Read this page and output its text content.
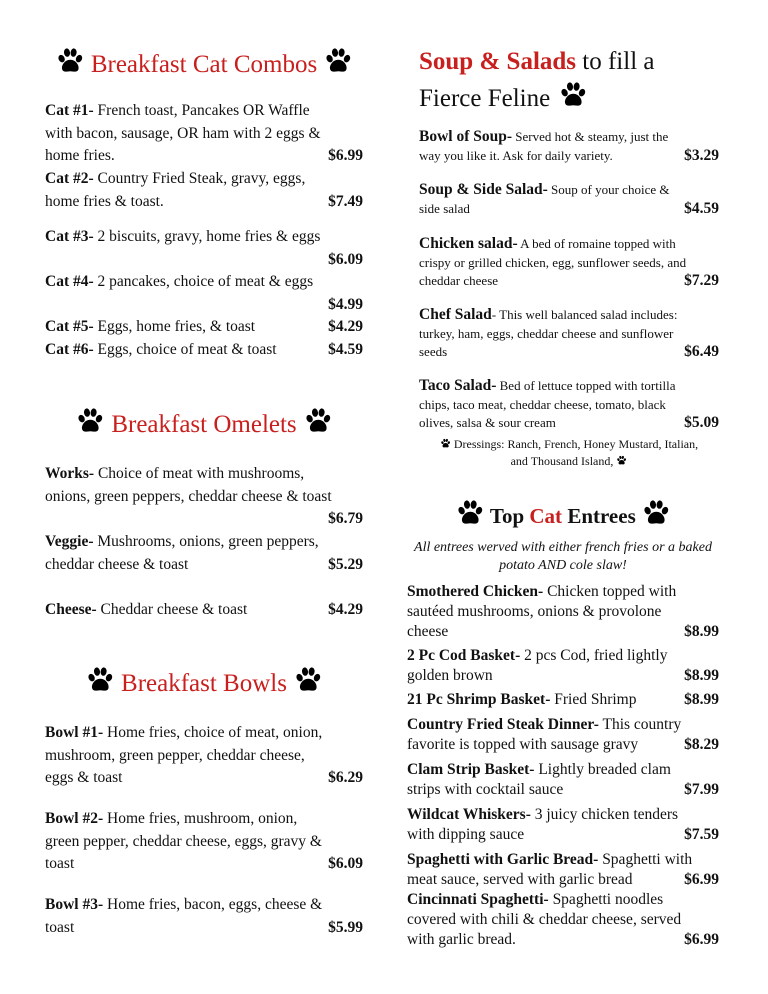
Breakfast Cat Combos
Cat #1- French toast, Pancakes OR Waffle
with bacon, sausage, OR ham with 2 eggs &
home fries.	$6.99
Cat #2- Country Fried Steak, gravy, eggs,
home fries & toast.	$7.49
Cat #3- 2 biscuits, gravy, home fries & eggs
$6.09

Cat #4- 2 pancakes, choice of meat & eggs
$4.99

Cat #5- Eggs, home fries, & toast	$4.29
Cat #6- Eggs, choice of meat & toast	$4.59
Breakfast Omelets
Works- Choice of meat with mushrooms,
onions, green peppers, cheddar cheese & toast
$6.79

Veggie- Mushrooms, onions, green peppers,
cheddar cheese & toast	$5.29
Cheese- Cheddar cheese & toast	$4.29
Breakfast Bowls
Bowl #1- Home fries, choice of meat, onion,
mushroom, green pepper, cheddar cheese,
eggs & toast	$6.29
Bowl #2- Home fries, mushroom, onion,
green pepper, cheddar cheese, eggs, gravy &
toast	$6.09
Bowl #3- Home fries, bacon, eggs, cheese &
toast	$5.99
Soup & Salads to fill a
Fierce Feline
Bowl of Soup- Served hot & steamy, just the
way you like it. Ask for daily variety.	$3.29
Soup & Side Salad- Soup of your choice &
side salad	$4.59
Chicken salad- A bed of romaine topped with
crispy or grilled chicken, egg, sunflower seeds, and
cheddar cheese	$7.29
Chef Salad- This well balanced salad includes:
turkey, ham, eggs, cheddar cheese and sunflower
seeds	$6.49
Taco Salad- Bed of lettuce topped with tortilla
chips, taco meat, cheddar cheese, tomato, black
olives, salsa & sour cream	$5.09
Dressings: Ranch, French, Honey Mustard, Italian,
and Thousand Island,
Top Cat Entrees
All entrees werved with either french fries or a baked
potato AND cole slaw!
Smothered Chicken- Chicken topped with
sautéed mushrooms, onions & provolone
cheese	$8.99
2 Pc Cod Basket- 2 pcs Cod, fried lightly
golden brown	$8.99
21 Pc Shrimp Basket- Fried Shrimp	$8.99
Country Fried Steak Dinner- This country
favorite is topped with sausage gravy	$8.29
Clam Strip Basket- Lightly breaded clam
strips with cocktail sauce	$7.99
Wildcat Whiskers- 3 juicy chicken tenders
with dipping sauce	$7.59
Spaghetti with Garlic Bread- Spaghetti with
meat sauce, served with garlic bread	$6.99
Cincinnati Spaghetti- Spaghetti noodles
covered with chili & cheddar cheese, served
with garlic bread.	$6.99
